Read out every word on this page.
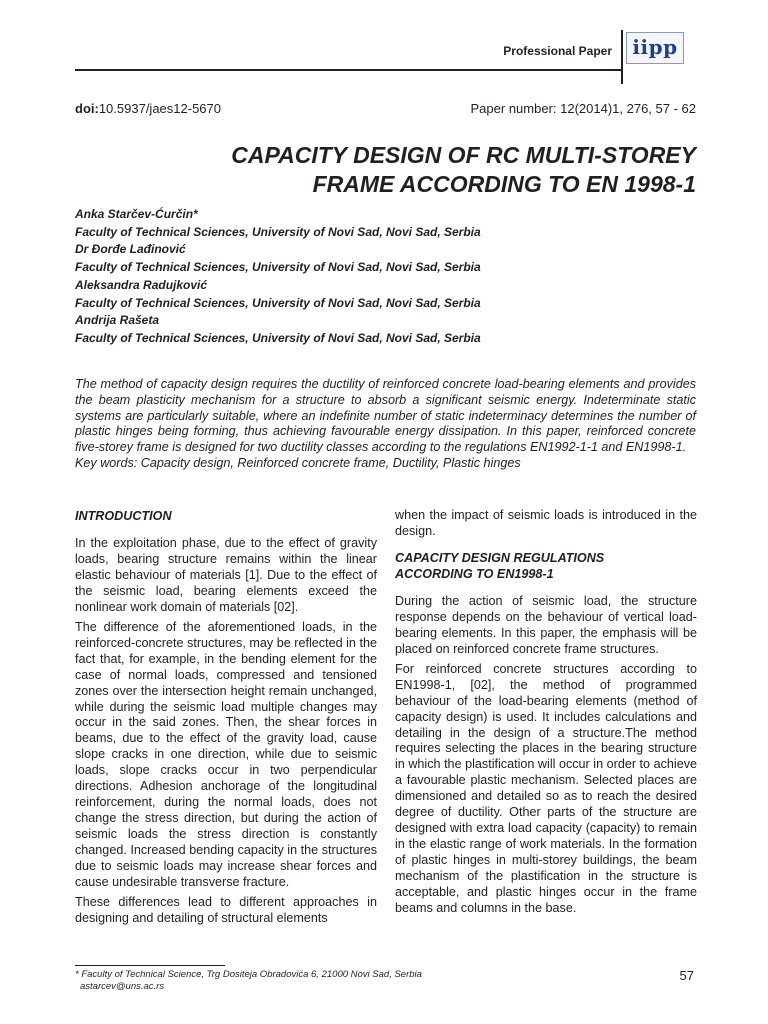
Professional Paper iipp
doi:10.5937/jaes12-5670	Paper number: 12(2014)1, 276, 57 - 62
CAPACITY DESIGN OF RC MULTI-STOREY
FRAME ACCORDING TO EN 1998-1
Anka Starčev-Ćurčin*
Faculty of Technical Sciences, University of Novi Sad, Novi Sad, Serbia
Dr Đorđe Lađinović
Faculty of Technical Sciences, University of Novi Sad, Novi Sad, Serbia
Aleksandra Radujković
Faculty of Technical Sciences, University of Novi Sad, Novi Sad, Serbia
Andrija Rašeta
Faculty of Technical Sciences, University of Novi Sad, Novi Sad, Serbia

The method of capacity design requires the ductility of reinforced concrete load-bearing elements and provides the beam plasticity mechanism for a structure to absorb a significant seismic energy. Indeterminate static systems are particularly suitable, where an indefinite number of static indeterminacy determines the number of plastic hinges being forming, thus achieving favourable energy dissipation. In this paper, reinforced concrete five-storey frame is designed for two ductility classes according to the regulations EN1992-1-1 and EN1998-1.

Key words: Capacity design, Reinforced concrete frame, Ductility, Plastic hinges

INTRODUCTION

In the exploitation phase, due to the effect of gravity loads, bearing structure remains within the linear elastic behaviour of materials [1]. Due to the effect of the seismic load, bearing elements exceed the nonlinear work domain of materials [02].

The difference of the aforementioned loads, in the reinforced-concrete structures, may be reflected in the fact that, for example, in the bending element for the case of normal loads, compressed and tensioned zones over the intersection height remain unchanged, while during the seismic load multiple changes may occur in the said zones. Then, the shear forces in beams, due to the effect of the gravity load, cause slope cracks in one direction, while due to seismic loads, slope cracks occur in two perpendicular directions. Adhesion anchorage of the longitudinal reinforcement, during the normal loads, does not change the stress direction, but during the action of seismic loads the stress direction is constantly changed. Increased bending capacity in the structures due to seismic loads may increase shear forces and cause undesirable transverse fracture.

These differences lead to different approaches in designing and detailing of structural elements

when the impact of seismic loads is introduced in the design.

CAPACITY DESIGN REGULATIONS
ACCORDING TO EN1998-1

During the action of seismic load, the structure response depends on the behaviour of vertical load-bearing elements. In this paper, the emphasis will be placed on reinforced concrete frame structures.

For reinforced concrete structures according to EN1998-1, [02], the method of programmed behaviour of the load-bearing elements (method of capacity design) is used. It includes calculations and detailing in the design of a structure.The method requires selecting the places in the bearing structure in which the plastification will occur in order to achieve a favourable plastic mechanism. Selected places are dimensioned and detailed so as to reach the desired degree of ductility. Other parts of the structure are designed with extra load capacity (capacity) to remain in the elastic range of work materials. In the formation of plastic hinges in multi-storey buildings, the beam mechanism of the plastification in the structure is acceptable, and plastic hinges occur in the frame beams and columns in the base.

* Faculty of Technical Science, Trg Dositeja Obradovića 6, 21000 Novi Sad, Serbia
astarcev@uns.ac.rs
57
